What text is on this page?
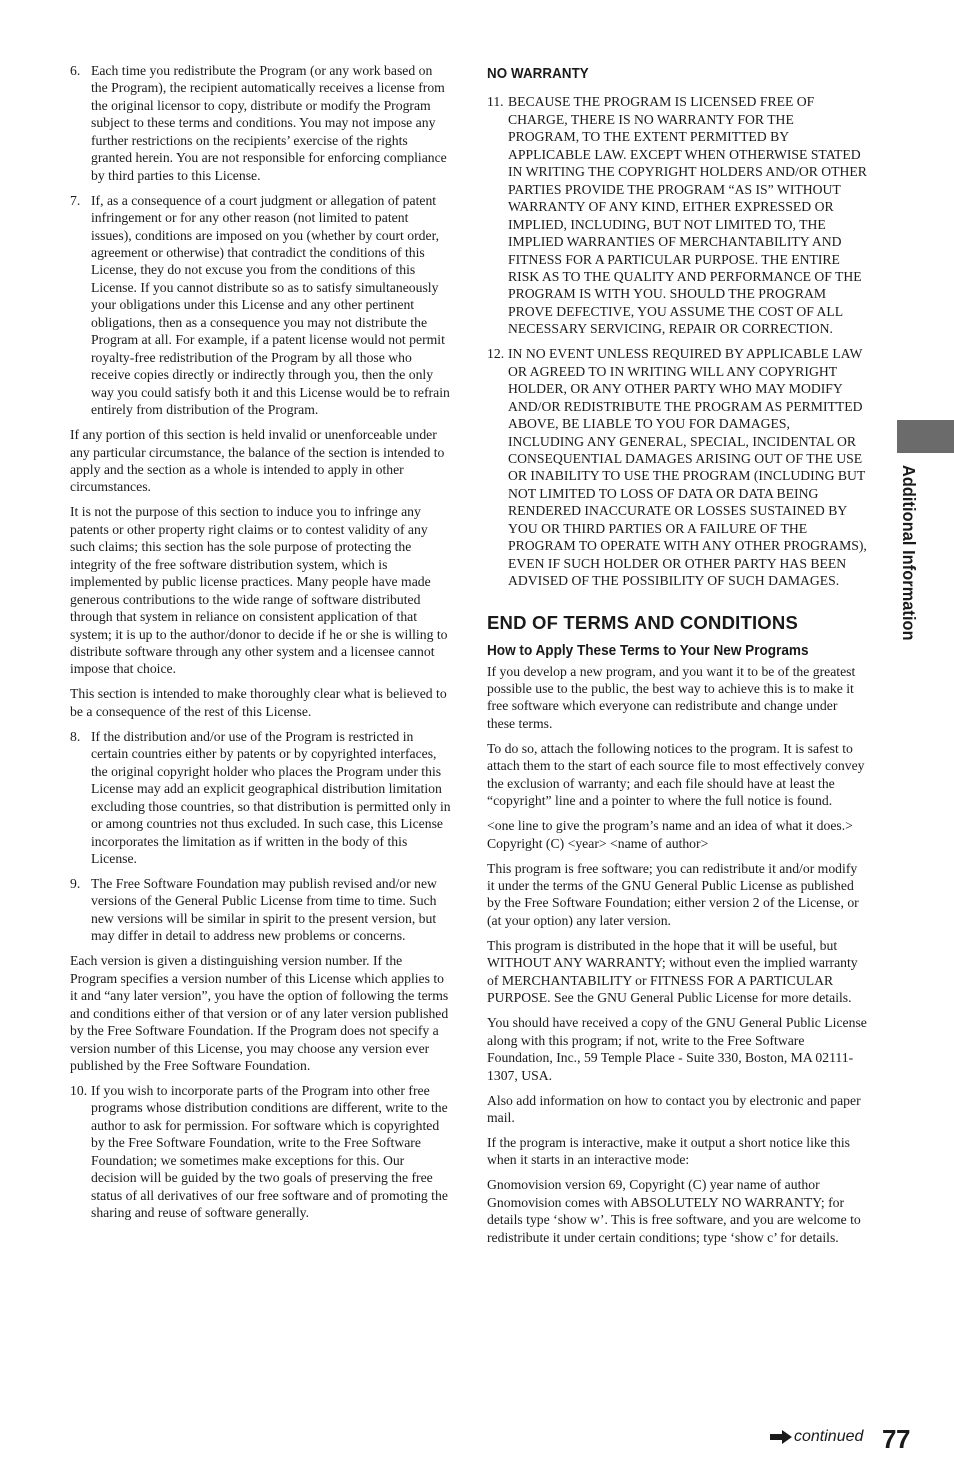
6. Each time you redistribute the Program (or any work based on the Program), the recipient automatically receives a license from the original licensor to copy, distribute or modify the Program subject to these terms and conditions. You may not impose any further restrictions on the recipients’ exercise of the rights granted herein. You are not responsible for enforcing compliance by third parties to this License.
7. If, as a consequence of a court judgment or allegation of patent infringement or for any other reason (not limited to patent issues), conditions are imposed on you (whether by court order, agreement or otherwise) that contradict the conditions of this License, they do not excuse you from the conditions of this License. If you cannot distribute so as to satisfy simultaneously your obligations under this License and any other pertinent obligations, then as a consequence you may not distribute the Program at all. For example, if a patent license would not permit royalty-free redistribution of the Program by all those who receive copies directly or indirectly through you, then the only way you could satisfy both it and this License would be to refrain entirely from distribution of the Program.

If any portion of this section is held invalid or unenforceable under any particular circumstance, the balance of the section is intended to apply and the section as a whole is intended to apply in other circumstances.

It is not the purpose of this section to induce you to infringe any patents or other property right claims or to contest validity of any such claims; this section has the sole purpose of protecting the integrity of the free software distribution system, which is implemented by public license practices. Many people have made generous contributions to the wide range of software distributed through that system in reliance on consistent application of that system; it is up to the author/donor to decide if he or she is willing to distribute software through any other system and a licensee cannot impose that choice.

This section is intended to make thoroughly clear what is believed to be a consequence of the rest of this License.

8. If the distribution and/or use of the Program is restricted in certain countries either by patents or by copyrighted interfaces, the original copyright holder who places the Program under this License may add an explicit geographical distribution limitation excluding those countries, so that distribution is permitted only in or among countries not thus excluded. In such case, this License incorporates the limitation as if written in the body of this License.
9. The Free Software Foundation may publish revised and/or new versions of the General Public License from time to time. Such new versions will be similar in spirit to the present version, but may differ in detail to address new problems or concerns.

Each version is given a distinguishing version number. If the Program specifies a version number of this License which applies to it and “any later version”, you have the option of following the terms and conditions either of that version or of any later version published by the Free Software Foundation. If the Program does not specify a version number of this License, you may choose any version ever published by the Free Software Foundation.

10. If you wish to incorporate parts of the Program into other free programs whose distribution conditions are different, write to the author to ask for permission. For software which is copyrighted by the Free Software Foundation, write to the Free Software Foundation; we sometimes make exceptions for this. Our decision will be guided by the two goals of preserving the free status of all derivatives of our free software and of promoting the sharing and reuse of software generally.
NO WARRANTY
11. BECAUSE THE PROGRAM IS LICENSED FREE OF CHARGE, THERE IS NO WARRANTY FOR THE PROGRAM, TO THE EXTENT PERMITTED BY APPLICABLE LAW. EXCEPT WHEN OTHERWISE STATED IN WRITING THE COPYRIGHT HOLDERS AND/OR OTHER PARTIES PROVIDE THE PROGRAM “AS IS” WITHOUT WARRANTY OF ANY KIND, EITHER EXPRESSED OR IMPLIED, INCLUDING, BUT NOT LIMITED TO, THE IMPLIED WARRANTIES OF MERCHANTABILITY AND FITNESS FOR A PARTICULAR PURPOSE. THE ENTIRE RISK AS TO THE QUALITY AND PERFORMANCE OF THE PROGRAM IS WITH YOU. SHOULD THE PROGRAM PROVE DEFECTIVE, YOU ASSUME THE COST OF ALL NECESSARY SERVICING, REPAIR OR CORRECTION.
12. IN NO EVENT UNLESS REQUIRED BY APPLICABLE LAW OR AGREED TO IN WRITING WILL ANY COPYRIGHT HOLDER, OR ANY OTHER PARTY WHO MAY MODIFY AND/OR REDISTRIBUTE THE PROGRAM AS PERMITTED ABOVE, BE LIABLE TO YOU FOR DAMAGES, INCLUDING ANY GENERAL, SPECIAL, INCIDENTAL OR CONSEQUENTIAL DAMAGES ARISING OUT OF THE USE OR INABILITY TO USE THE PROGRAM (INCLUDING BUT NOT LIMITED TO LOSS OF DATA OR DATA BEING RENDERED INACCURATE OR LOSSES SUSTAINED BY YOU OR THIRD PARTIES OR A FAILURE OF THE PROGRAM TO OPERATE WITH ANY OTHER PROGRAMS), EVEN IF SUCH HOLDER OR OTHER PARTY HAS BEEN ADVISED OF THE POSSIBILITY OF SUCH DAMAGES.
END OF TERMS AND CONDITIONS
How to Apply These Terms to Your New Programs

If you develop a new program, and you want it to be of the greatest possible use to the public, the best way to achieve this is to make it free software which everyone can redistribute and change under these terms.

To do so, attach the following notices to the program. It is safest to attach them to the start of each source file to most effectively convey the exclusion of warranty; and each file should have at least the “copyright” line and a pointer to where the full notice is found.

<one line to give the program’s name and an idea of what it does.>

Copyright (C) <year> <name of author>

This program is free software; you can redistribute it and/or modify it under the terms of the GNU General Public License as published by the Free Software Foundation; either version 2 of the License, or (at your option) any later version.

This program is distributed in the hope that it will be useful, but WITHOUT ANY WARRANTY; without even the implied warranty of MERCHANTABILITY or FITNESS FOR A PARTICULAR PURPOSE. See the GNU General Public License for more details.

You should have received a copy of the GNU General Public License along with this program; if not, write to the Free Software Foundation, Inc., 59 Temple Place - Suite 330, Boston, MA 02111-1307, USA.

Also add information on how to contact you by electronic and paper mail.

If the program is interactive, make it output a short notice like this when it starts in an interactive mode:

Gnomovision version 69, Copyright (C) year name of author

Gnomovision comes with ABSOLUTELY NO WARRANTY; for details type ‘show w’. This is free software, and you are welcome to redistribute it under certain conditions; type ‘show c’ for details.

Additional Information
continued 77
